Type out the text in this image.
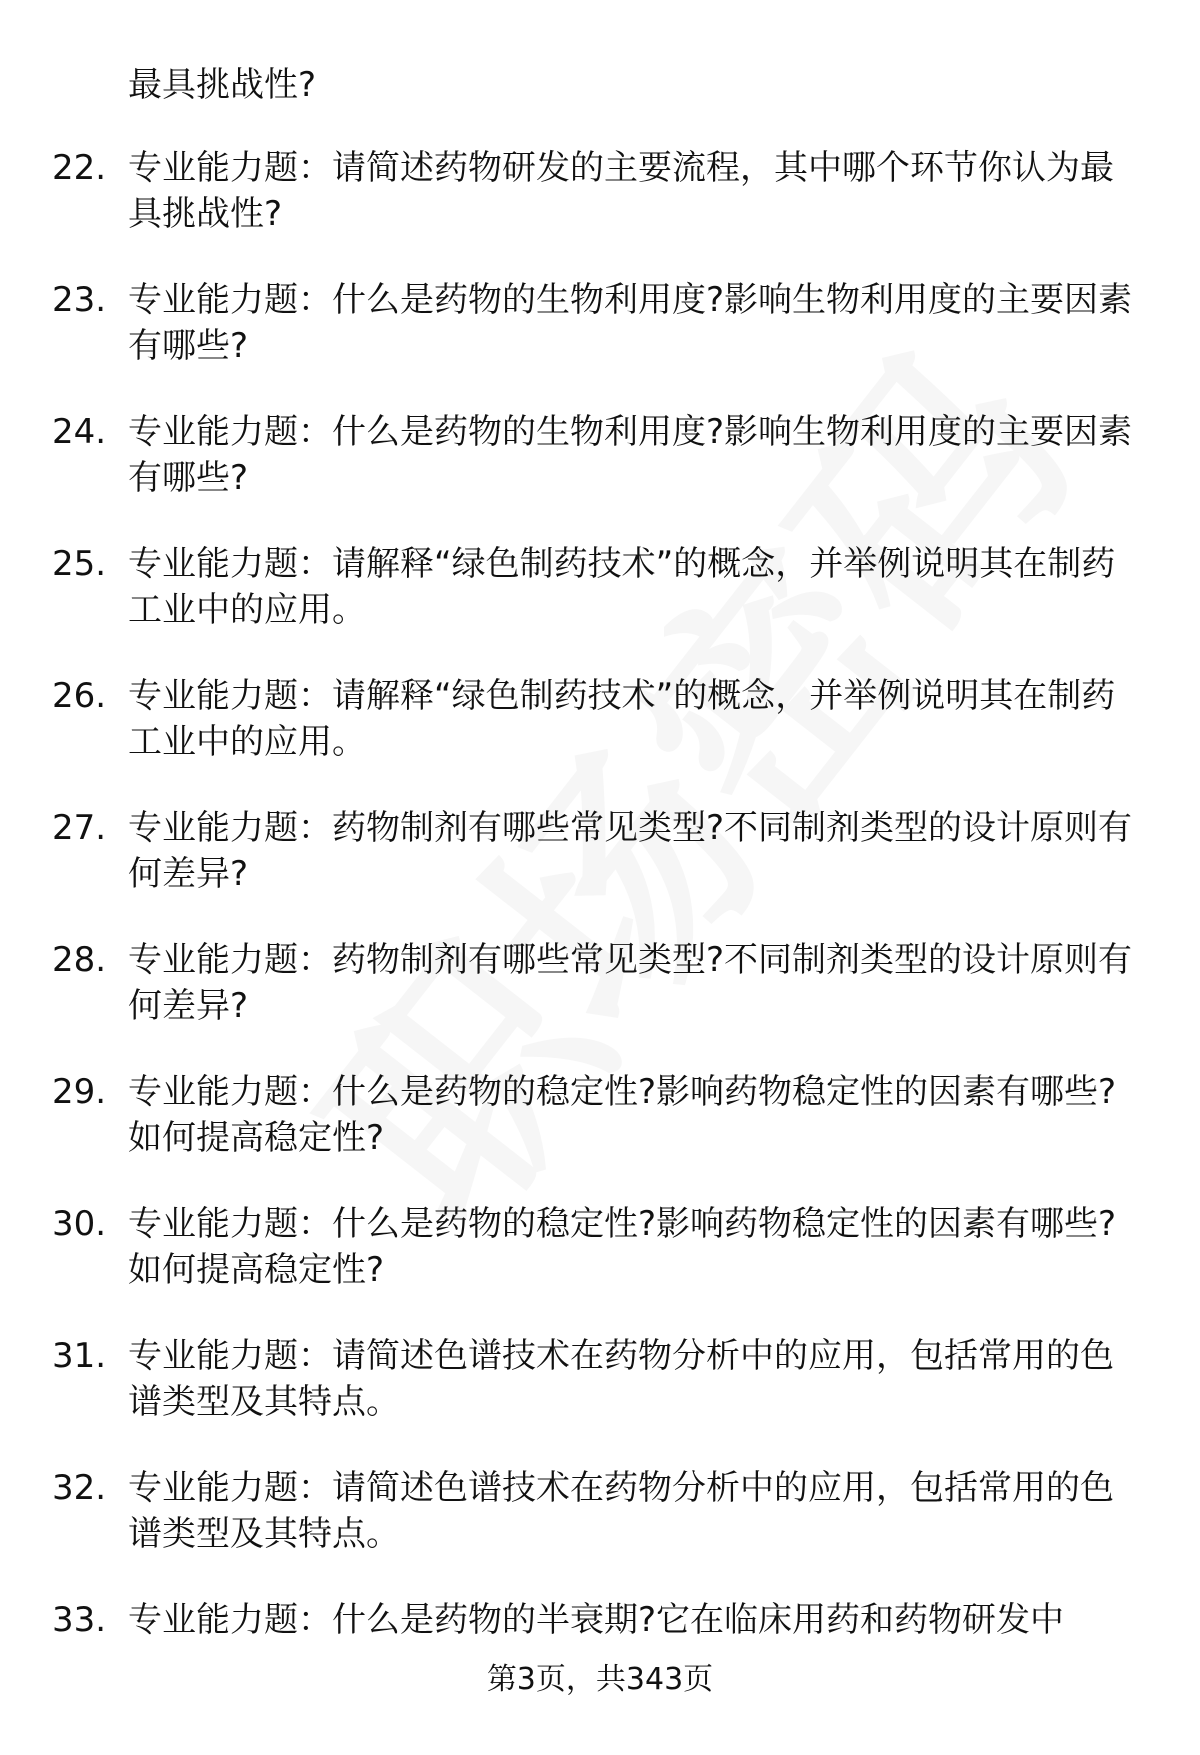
最具挑战性?
22. 专业能力题：请简述药物研发的主要流程，其中哪个环节你认为最具挑战性?
23. 专业能力题：什么是药物的生物利用度?影响生物利用度的主要因素有哪些?
24. 专业能力题：什么是药物的生物利用度?影响生物利用度的主要因素有哪些?
25. 专业能力题：请解释“绿色制药技术”的概念，并举例说明其在制药工业中的应用。
26. 专业能力题：请解释“绿色制药技术”的概念，并举例说明其在制药工业中的应用。
27. 专业能力题：药物制剂有哪些常见类型?不同制剂类型的设计原则有何差异?
28. 专业能力题：药物制剂有哪些常见类型?不同制剂类型的设计原则有何差异?
29. 专业能力题：什么是药物的稳定性?影响药物稳定性的因素有哪些?如何提高稳定性?
30. 专业能力题：什么是药物的稳定性?影响药物稳定性的因素有哪些?如何提高稳定性?
31. 专业能力题：请简述色谱技术在药物分析中的应用，包括常用的色谱类型及其特点。
32. 专业能力题：请简述色谱技术在药物分析中的应用，包括常用的色谱类型及其特点。
33. 专业能力题：什么是药物的半衰期?它在临床用药和药物研发中
第3页，共343页
